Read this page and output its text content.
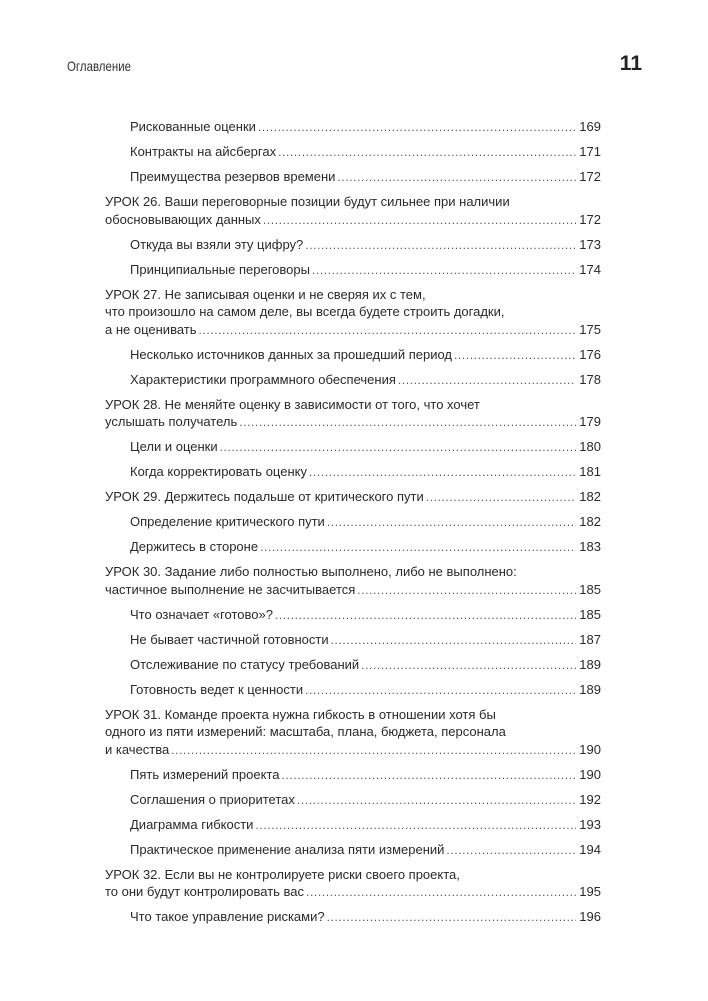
Оглавление	11
Рискованные оценки .....	169
Контракты на айсбергах .....	171
Преимущества резервов времени .....	172
УРОК 26. Ваши переговорные позиции будут сильнее при наличии
обосновывающих данных .....	172
Откуда вы взяли эту цифру? .....	173
Принципиальные переговоры .....	174
УРОК 27. Не записывая оценки и не сверяя их с тем,
что произошло на самом деле, вы всегда будете строить догадки,
а не оценивать .....	175
Несколько источников данных за прошедший период .....	176
Характеристики программного обеспечения .....	178
УРОК 28. Не меняйте оценку в зависимости от того, что хочет
услышать получатель .....	179
Цели и оценки .....	180
Когда корректировать оценку .....	181
УРОК 29. Держитесь подальше от критического пути .....	182
Определение критического пути .....	182
Держитесь в стороне .....	183
УРОК 30. Задание либо полностью выполнено, либо не выполнено:
частичное выполнение не засчитывается .....	185
Что означает «готово»? .....	185
Не бывает частичной готовности .....	187
Отслеживание по статусу требований .....	189
Готовность ведет к ценности .....	189
УРОК 31. Команде проекта нужна гибкость в отношении хотя бы
одного из пяти измерений: масштаба, плана, бюджета, персонала
и качества .....	190
Пять измерений проекта .....	190
Соглашения о приоритетах .....	192
Диаграмма гибкости .....	193
Практическое применение анализа пяти измерений .....	194
УРОК 32. Если вы не контролируете риски своего проекта,
то они будут контролировать вас .....	195
Что такое управление рисками? .....	196
